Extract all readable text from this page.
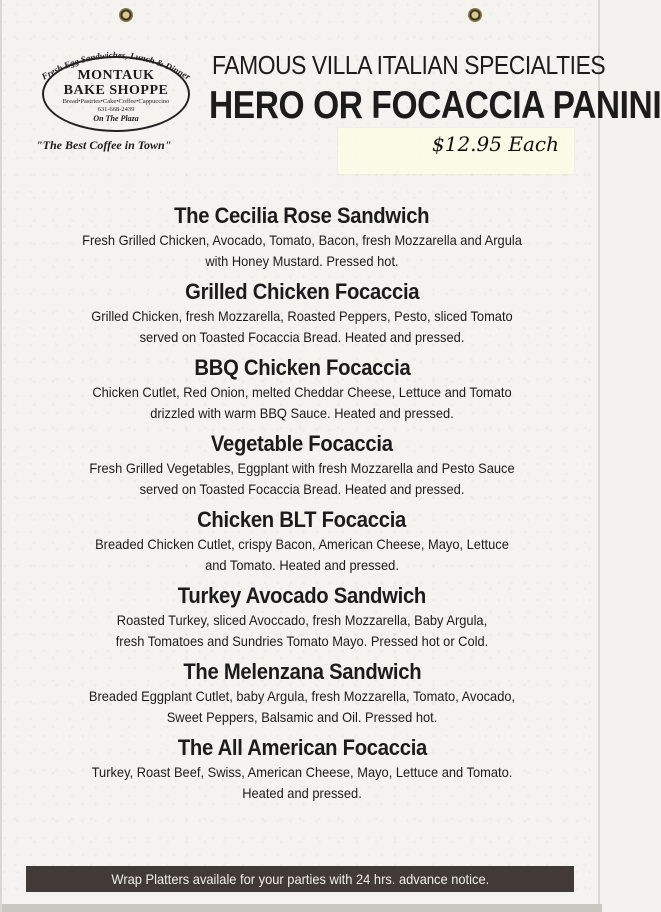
Fresh Egg Sandwiches, Lunch & Dinner
MONTAUK
BAKE SHOPPE
Bread•Pastries•Cake•Coffee•Cappuccino
631-668-2439
On The Plaza
"The Best Coffee in Town"
FAMOUS VILLA ITALIAN SPECIALTIES
HERO OR FOCACCIA PANINI
$12.95 Each
The Cecilia Rose Sandwich
Fresh Grilled Chicken, Avocado, Tomato, Bacon, fresh Mozzarella and Argula
with Honey Mustard. Pressed hot.
Grilled Chicken Focaccia
Grilled Chicken, fresh Mozzarella, Roasted Peppers, Pesto, sliced Tomato
served on Toasted Focaccia Bread. Heated and pressed.
BBQ Chicken Focaccia
Chicken Cutlet, Red Onion, melted Cheddar Cheese, Lettuce and Tomato
drizzled with warm BBQ Sauce. Heated and pressed.
Vegetable Focaccia
Fresh Grilled Vegetables, Eggplant with fresh Mozzarella and Pesto Sauce
served on Toasted Focaccia Bread. Heated and pressed.
Chicken BLT Focaccia
Breaded Chicken Cutlet, crispy Bacon, American Cheese, Mayo, Lettuce
and Tomato. Heated and pressed.
Turkey Avocado Sandwich
Roasted Turkey, sliced Avoccado, fresh Mozzarella, Baby Argula,
fresh Tomatoes and Sundries Tomato Mayo. Pressed hot or Cold.
The Melenzana Sandwich
Breaded Eggplant Cutlet, baby Argula, fresh Mozzarella, Tomato, Avocado,
Sweet Peppers, Balsamic and Oil. Pressed hot.
The All American Focaccia
Turkey, Roast Beef, Swiss, American Cheese, Mayo, Lettuce and Tomato.
Heated and pressed.
Wrap Platters availale for your parties with 24 hrs. advance notice.
